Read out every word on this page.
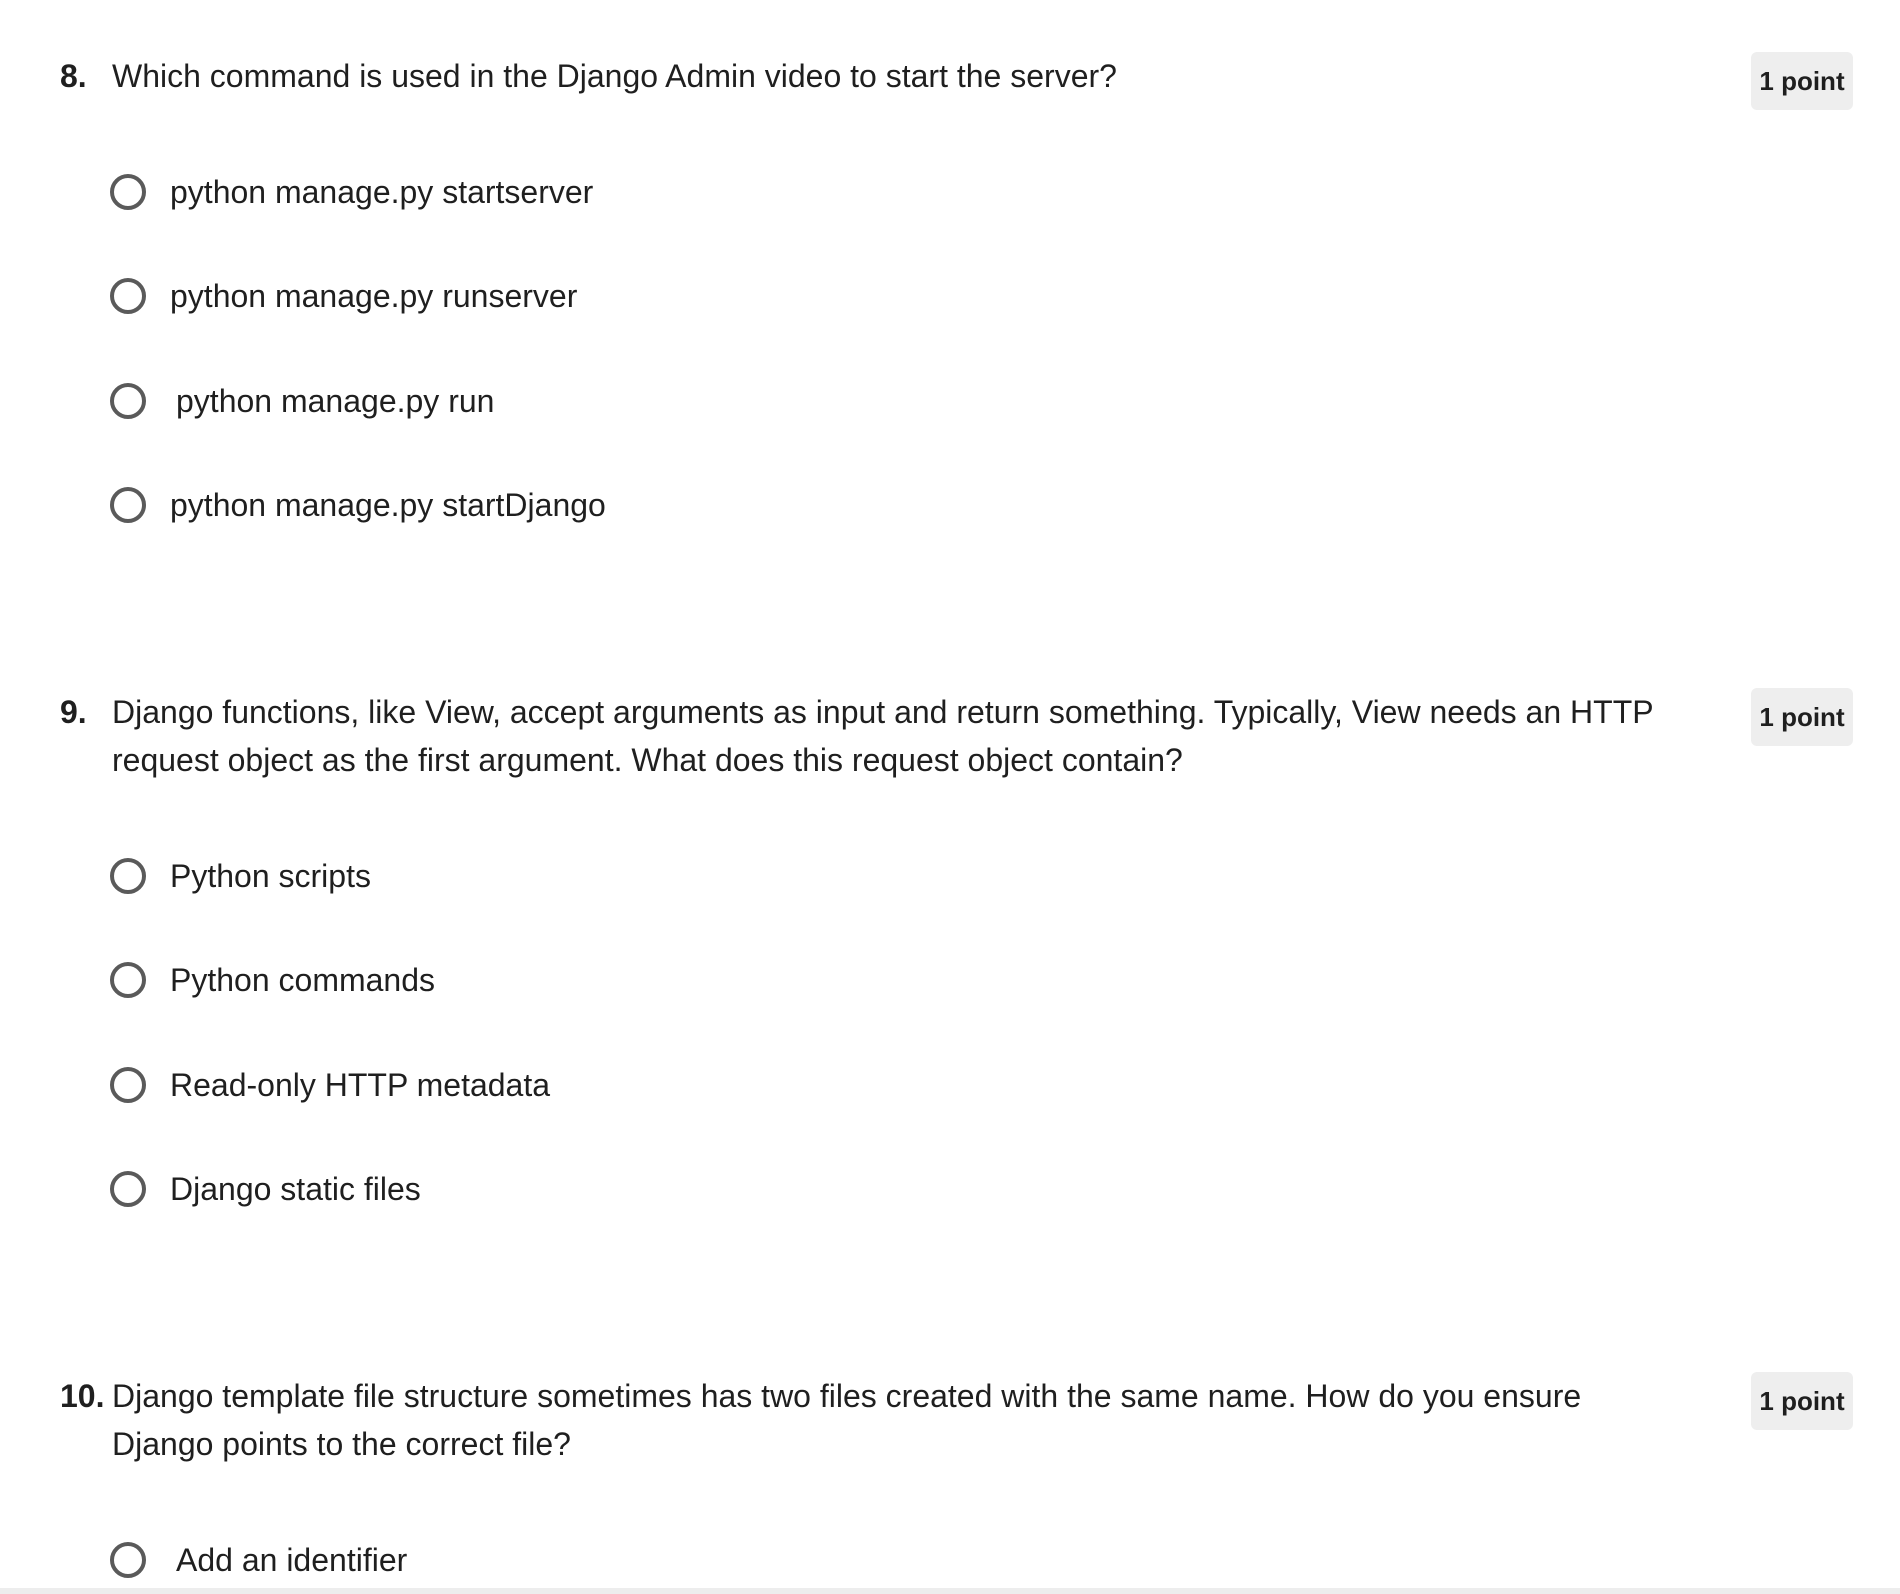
8. Which command is used in the Django Admin video to start the server?	1 point
python manage.py startserver
python manage.py runserver
python manage.py run
python manage.py startDjango
9. Django functions, like View, accept arguments as input and return something. Typically, View needs an HTTP request object as the first argument. What does this request object contain?
1 point
Python scripts
Python commands
Read-only HTTP metadata
Django static files
10. Django template file structure sometimes has two files created with the same name. How do you ensure Django points to the correct file?
1 point
Add an identifier
